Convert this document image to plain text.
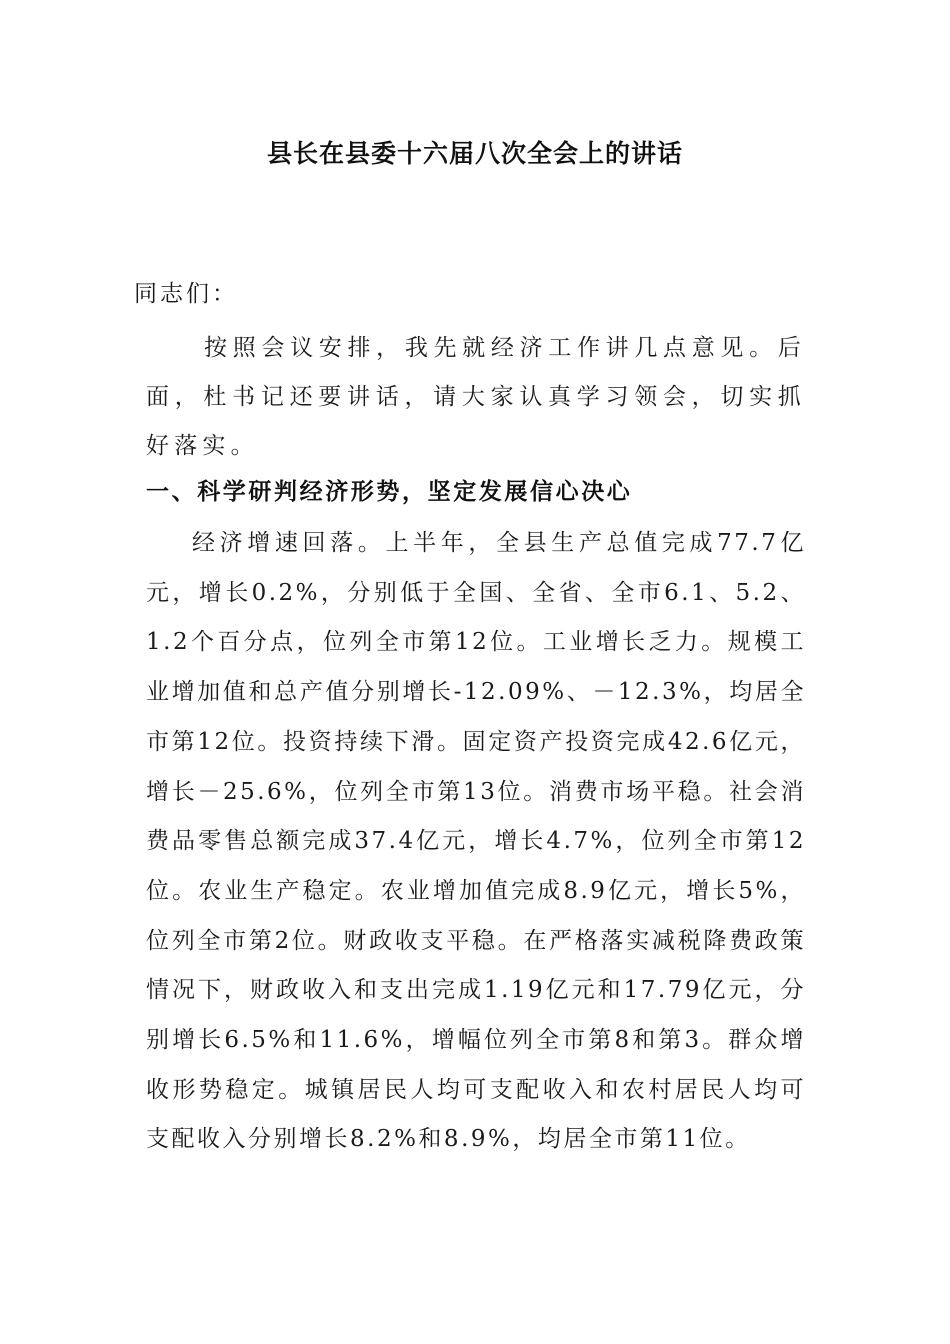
县长在县委十六届八次全会上的讲话
同志们：

按照会议安排，我先就经济工作讲几点意见。后面，杜书记还要讲话，请大家认真学习领会，切实抓好落实。

一、科学研判经济形势，坚定发展信心决心

经济增速回落。上半年，全县生产总值完成77.7亿元，增长0.2%，分别低于全国、全省、全市6.1、5.2、1.2个百分点，位列全市第12位。工业增长乏力。规模工业增加值和总产值分别增长-12.09%、－12.3%，均居全市第12位。投资持续下滑。固定资产投资完成42.6亿元，增长－25.6%，位列全市第13位。消费市场平稳。社会消费品零售总额完成37.4亿元，增长4.7%，位列全市第12位。农业生产稳定。农业增加值完成8.9亿元，增长5%，位列全市第2位。财政收支平稳。在严格落实减税降费政策情况下，财政收入和支出完成1.19亿元和17.79亿元，分别增长6.5%和11.6%，增幅位列全市第8和第3。群众增收形势稳定。城镇居民人均可支配收入和农村居民人均可支配收入分别增长8.2%和8.9%，均居全市第11位。
